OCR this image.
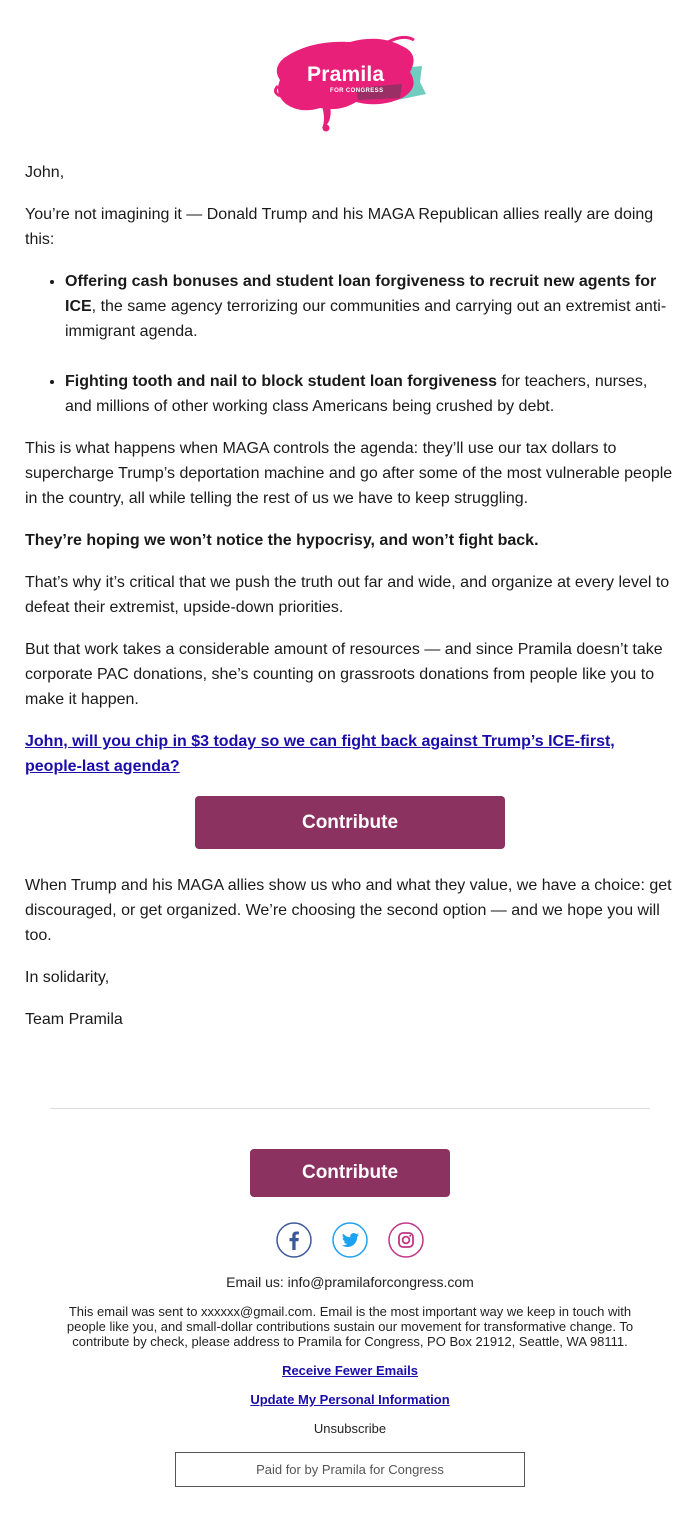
Pramila
FOR CONGRESS

John,

You’re not imagining it — Donald Trump and his MAGA Republican allies really are doing this:

• Offering cash bonuses and student loan forgiveness to recruit new agents for ICE, the same agency terrorizing our communities and carrying out an extremist anti-immigrant agenda.
• Fighting tooth and nail to block student loan forgiveness for teachers, nurses, and millions of other working class Americans being crushed by debt.

This is what happens when MAGA controls the agenda: they’ll use our tax dollars to supercharge Trump’s deportation machine and go after some of the most vulnerable people in the country, all while telling the rest of us we have to keep struggling.

They’re hoping we won’t notice the hypocrisy, and won’t fight back.

That’s why it’s critical that we push the truth out far and wide, and organize at every level to defeat their extremist, upside-down priorities.

But that work takes a considerable amount of resources — and since Pramila doesn’t take corporate PAC donations, she’s counting on grassroots donations from people like you to make it happen.

John, will you chip in $3 today so we can fight back against Trump’s ICE-first, people-last agenda?

Contribute

When Trump and his MAGA allies show us who and what they value, we have a choice: get discouraged, or get organized. We’re choosing the second option — and we hope you will too.

In solidarity,

Team Pramila

Contribute
Email us: info@pramilaforcongress.com
This email was sent to xxxxxx@gmail.com. Email is the most important way we keep in touch with people like you, and small-dollar contributions sustain our movement for transformative change. To contribute by check, please address to Pramila for Congress, PO Box 21912, Seattle, WA 98111.
Receive Fewer Emails
Update My Personal Information
Unsubscribe
Paid for by Pramila for Congress
